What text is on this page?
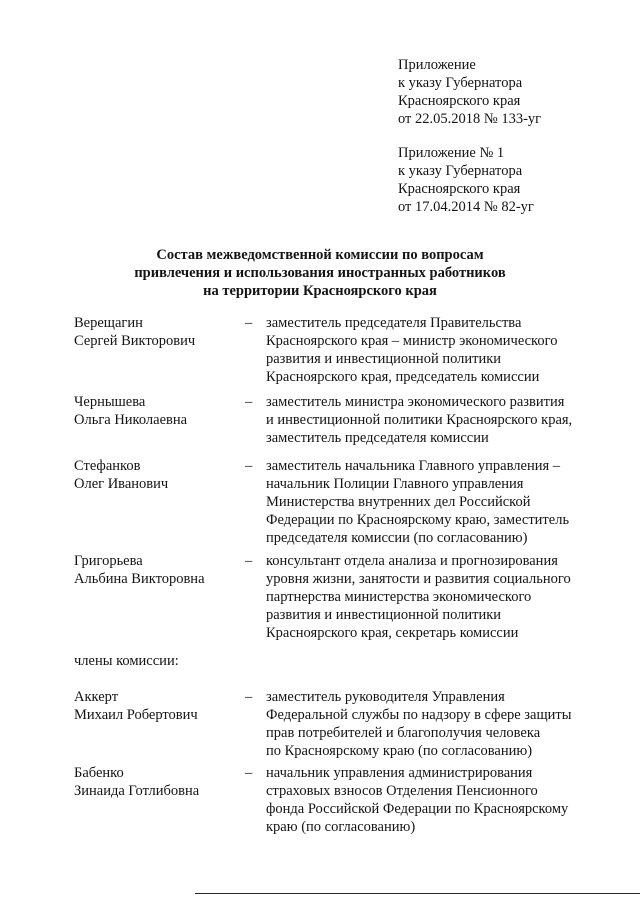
Приложение
к указу Губернатора
Красноярского края
от 22.05.2018 № 133-уг
Приложение № 1
к указу Губернатора
Красноярского края
от 17.04.2014 № 82-уг
Состав межведомственной комиссии по вопросам
привлечения и использования иностранных работников
на территории Красноярского края
Верещагин
Сергей Викторович
– заместитель председателя Правительства
Красноярского края – министр экономического
развития и инвестиционной политики
Красноярского края, председатель комиссии
Чернышева
Ольга Николаевна
– заместитель министра экономического развития
и инвестиционной политики Красноярского края,
заместитель председателя комиссии
Стефанков
Олег Иванович
– заместитель начальника Главного управления –
начальник Полиции Главного управления
Министерства внутренних дел Российской
Федерации по Красноярскому краю, заместитель
председателя комиссии (по согласованию)
Григорьева
Альбина Викторовна
– консультант отдела анализа и прогнозирования
уровня жизни, занятости и развития социального
партнерства министерства экономического
развития и инвестиционной политики
Красноярского края, секретарь комиссии
члены комиссии:
Аккерт
Михаил Робертович
– заместитель руководителя Управления
Федеральной службы по надзору в сфере защиты
прав потребителей и благополучия человека
по Красноярскому краю (по согласованию)
Бабенко
Зинаида Готлибовна
– начальник управления администрирования
страховых взносов Отделения Пенсионного
фонда Российской Федерации по Красноярскому
краю (по согласованию)
